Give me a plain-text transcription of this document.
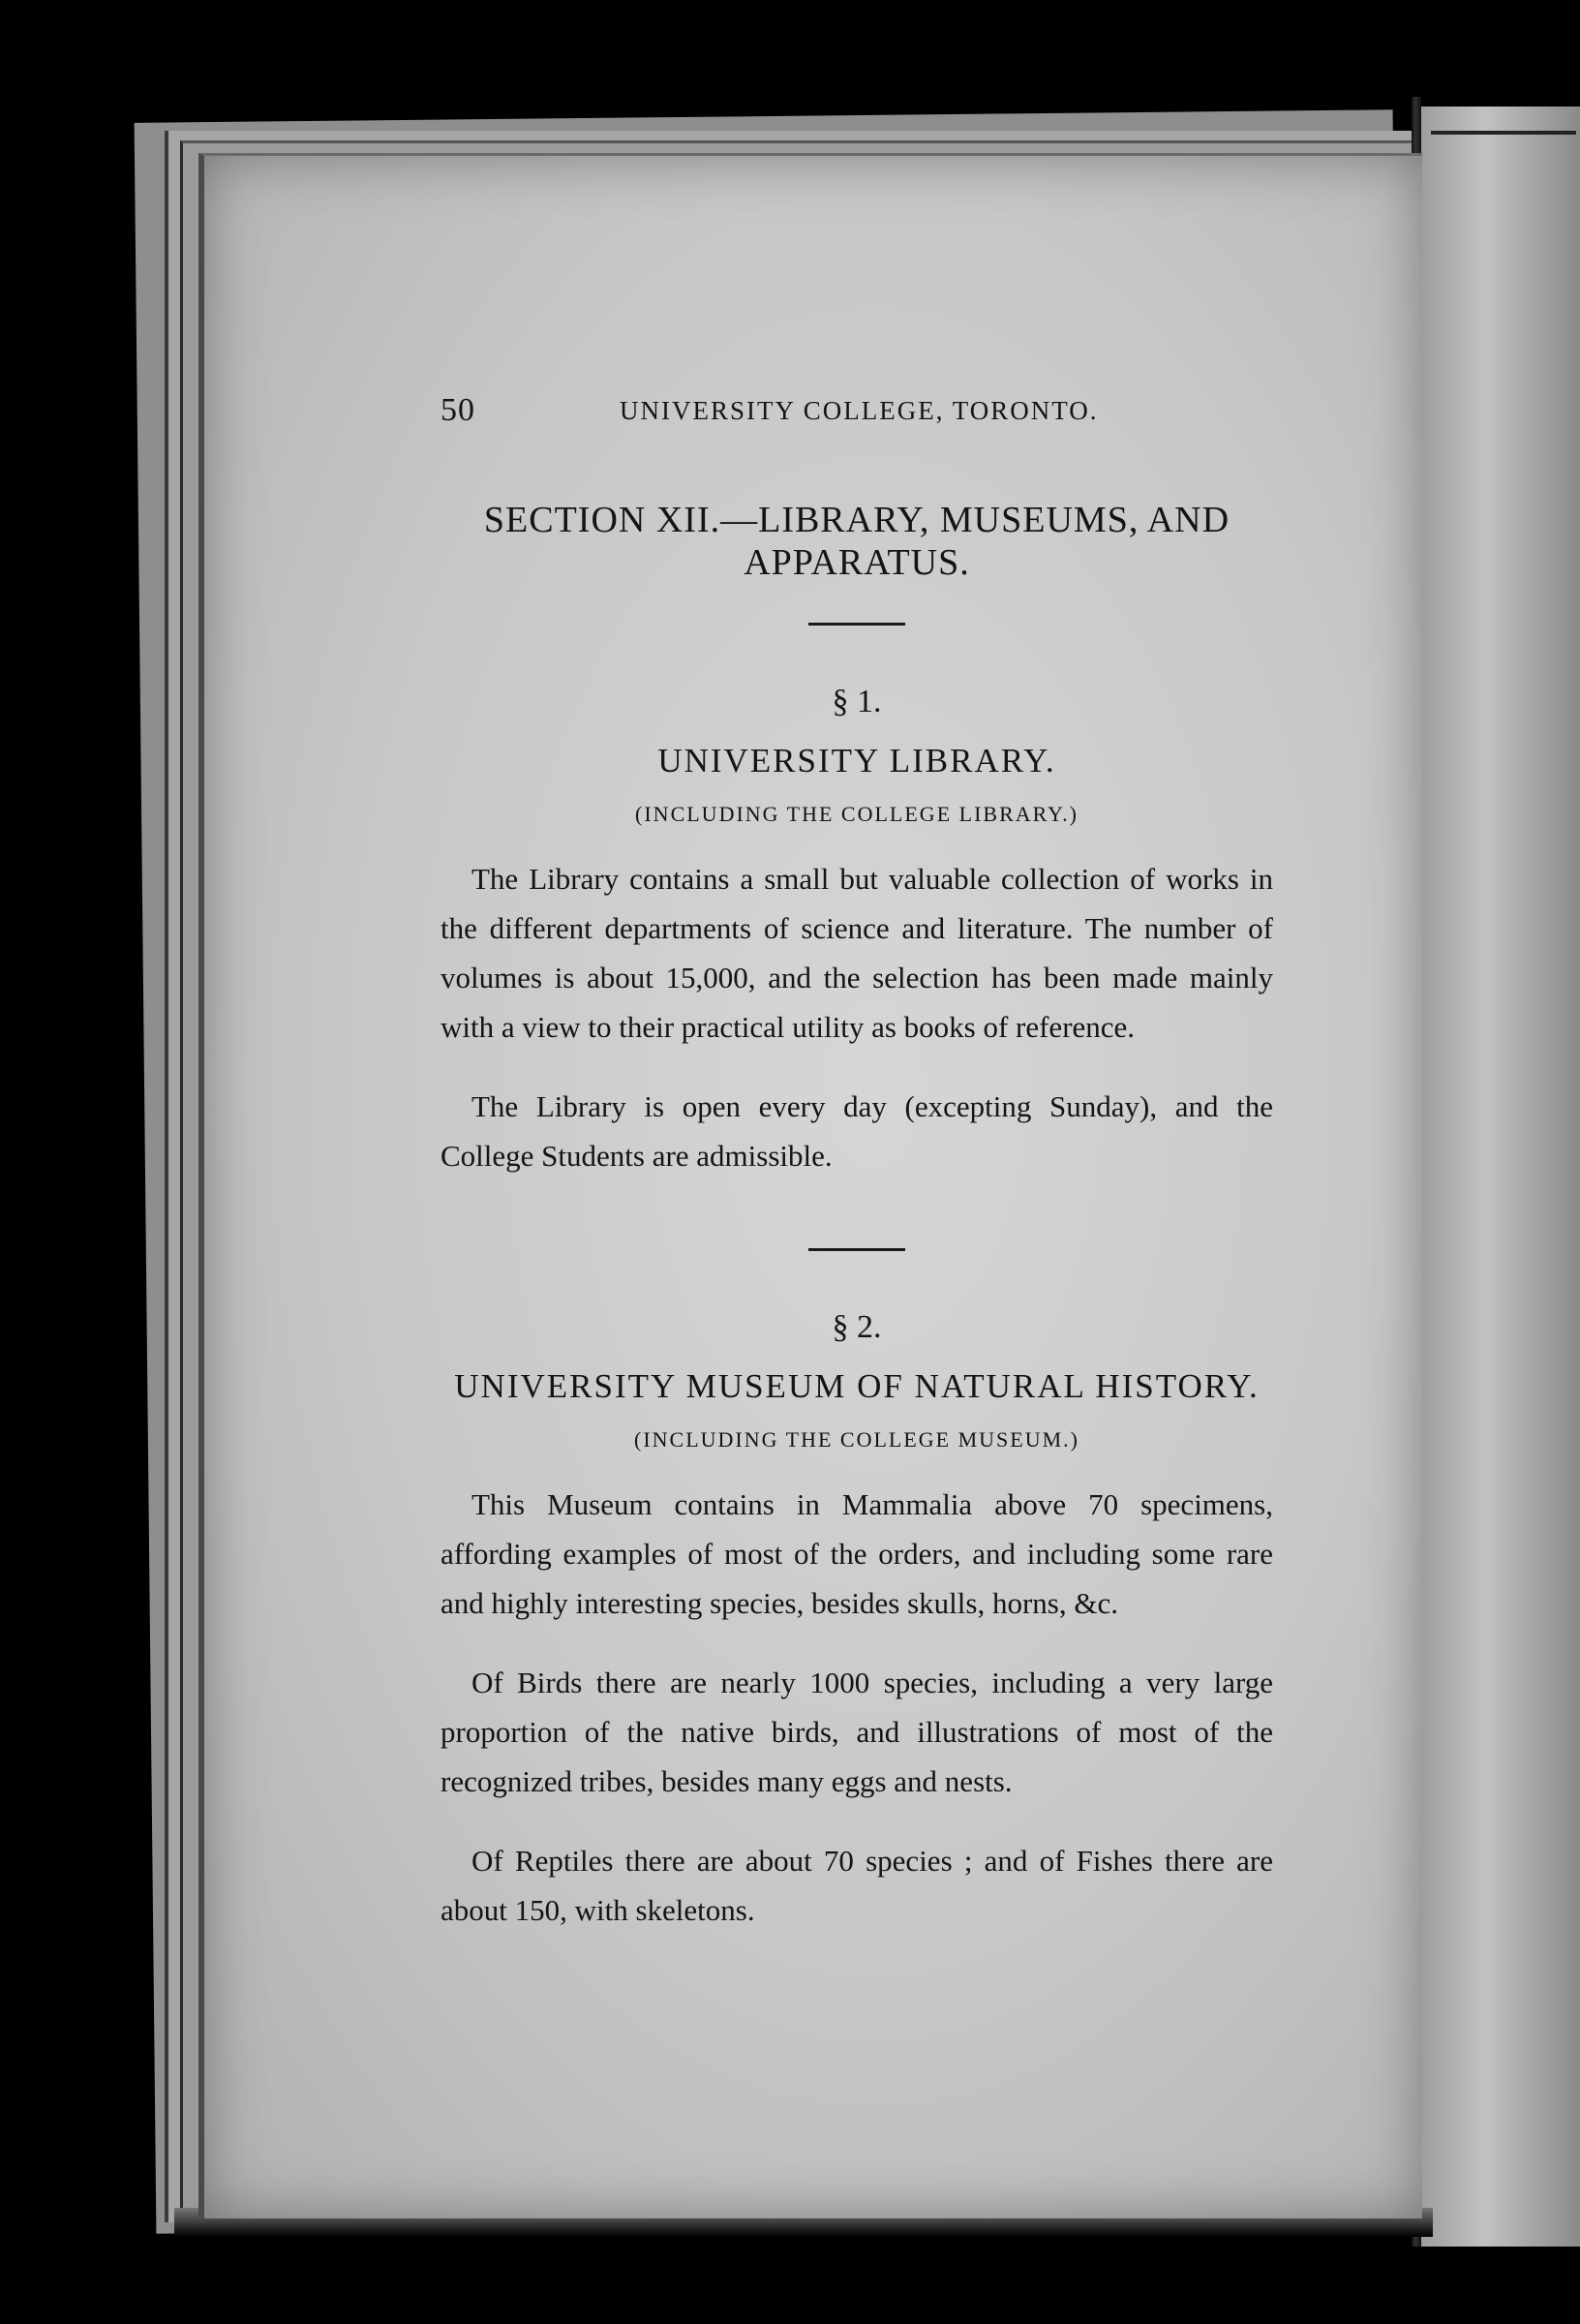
50	UNIVERSITY COLLEGE, TORONTO.
SECTION XII.—LIBRARY, MUSEUMS, AND
APPARATUS.
§ 1.
UNIVERSITY LIBRARY.
(INCLUDING THE COLLEGE LIBRARY.)

The Library contains a small but valuable collection of works in the different departments of science and literature. The number of volumes is about 15,000, and the selection has been made mainly with a view to their practical utility as books of reference.

The Library is open every day (excepting Sunday), and the College Students are admissible.

§ 2.
UNIVERSITY MUSEUM OF NATURAL HISTORY.
(INCLUDING THE COLLEGE MUSEUM.)

This Museum contains in Mammalia above 70 specimens, affording examples of most of the orders, and including some rare and highly interesting species, besides skulls, horns, &c.

Of Birds there are nearly 1000 species, including a very large proportion of the native birds, and illustrations of most of the recognized tribes, besides many eggs and nests.

Of Reptiles there are about 70 species ; and of Fishes there are about 150, with skeletons.
